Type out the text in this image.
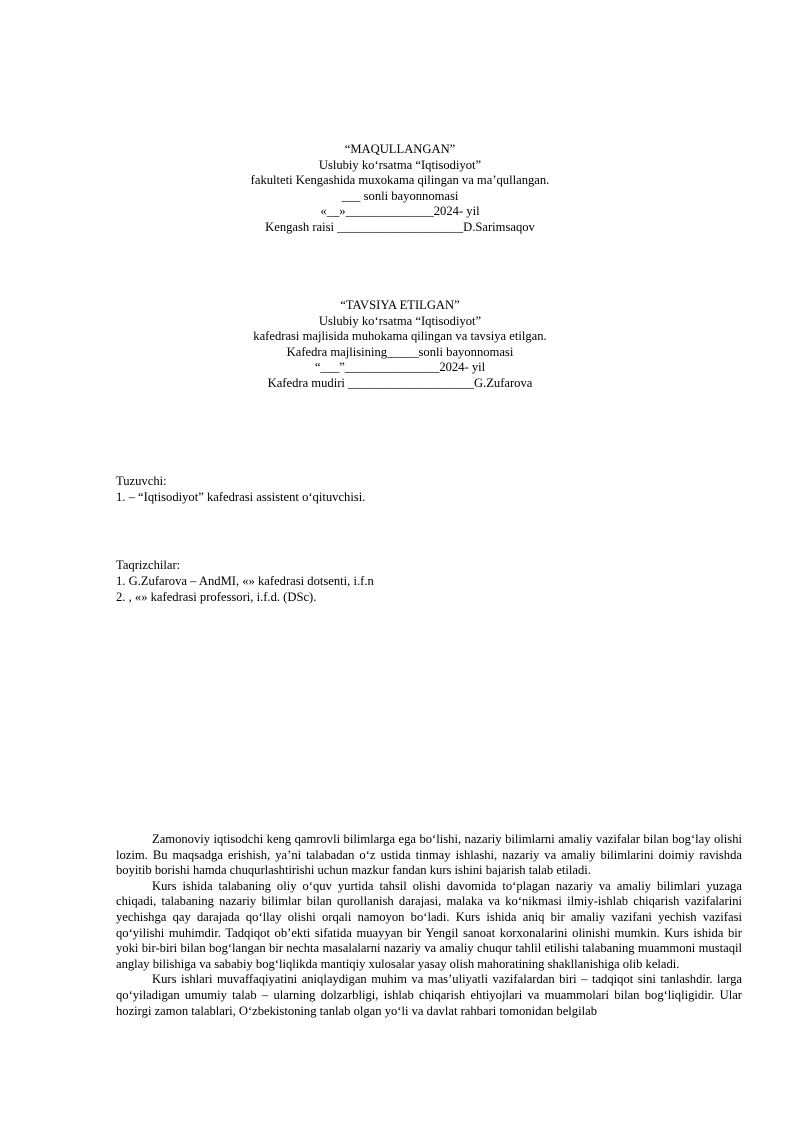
“MAQULLANGAN”
Uslubiy ko‘rsatma “Iqtisodiyot”
fakulteti Kengashida muxokama qilingan va ma’qullangan.
___ sonli bayonnomasi
«__»______________2024- yil
Kengash raisi ____________________D.Sarimsaqov
“TAVSIYA ETILGAN”
Uslubiy ko‘rsatma “Iqtisodiyot”
kafedrasi majlisida muhokama qilingan va tavsiya etilgan.
Kafedra majlisining_____sonli bayonnomasi
“___”_______________2024- yil
Kafedra mudiri ____________________G.Zufarova
Tuzuvchi:
1. – “Iqtisodiyot” kafedrasi assistent o‘qituvchisi.
Taqrizchilar:
1. G.Zufarova – AndMI, «» kafedrasi dotsenti, i.f.n
2. , «» kafedrasi professori, i.f.d. (DSc).

Zamonoviy iqtisodchi keng qamrovli bilimlarga ega bo‘lishi, nazariy bilimlarni amaliy vazifalar bilan bog‘lay olishi lozim. Bu maqsadga erishish, ya’ni talabadan o‘z ustida tinmay ishlashi, nazariy va amaliy bilimlarini doimiy ravishda boyitib borishi hamda chuqurlashtirishi uchun mazkur fandan kurs ishini bajarish talab etiladi.

Kurs ishida talabaning oliy o‘quv yurtida tahsil olishi davomida to‘plagan nazariy va amaliy bilimlari yuzaga chiqadi, talabaning nazariy bilimlar bilan qurollanish darajasi, malaka va ko‘nikmasi ilmiy-ishlab chiqarish vazifalarini yechishga qay darajada qo‘llay olishi orqali namoyon bo‘ladi. Kurs ishida aniq bir amaliy vazifani yechish vazifasi qo‘yilishi muhimdir. Tadqiqot ob’ekti sifatida muayyan bir Yengil sanoat korxonalarini olinishi mumkin. Kurs ishida bir yoki bir-biri bilan bog‘langan bir nechta masalalarni nazariy va amaliy chuqur tahlil etilishi talabaning muammoni mustaqil anglay bilishiga va sababiy bog‘liqlikda mantiqiy xulosalar yasay olish mahoratining shakllanishiga olib keladi.

Kurs ishlari muvaffaqiyatini aniqlaydigan muhim va mas’uliyatli vazifalardan biri – tadqiqot sini tanlashdir. larga qo‘yiladigan umumiy talab – ularning dolzarbligi, ishlab chiqarish ehtiyojlari va muammolari bilan bog‘liqligidir. Ular hozirgi zamon talablari, O‘zbekistoning tanlab olgan yo‘li va davlat rahbari tomonidan belgilab
